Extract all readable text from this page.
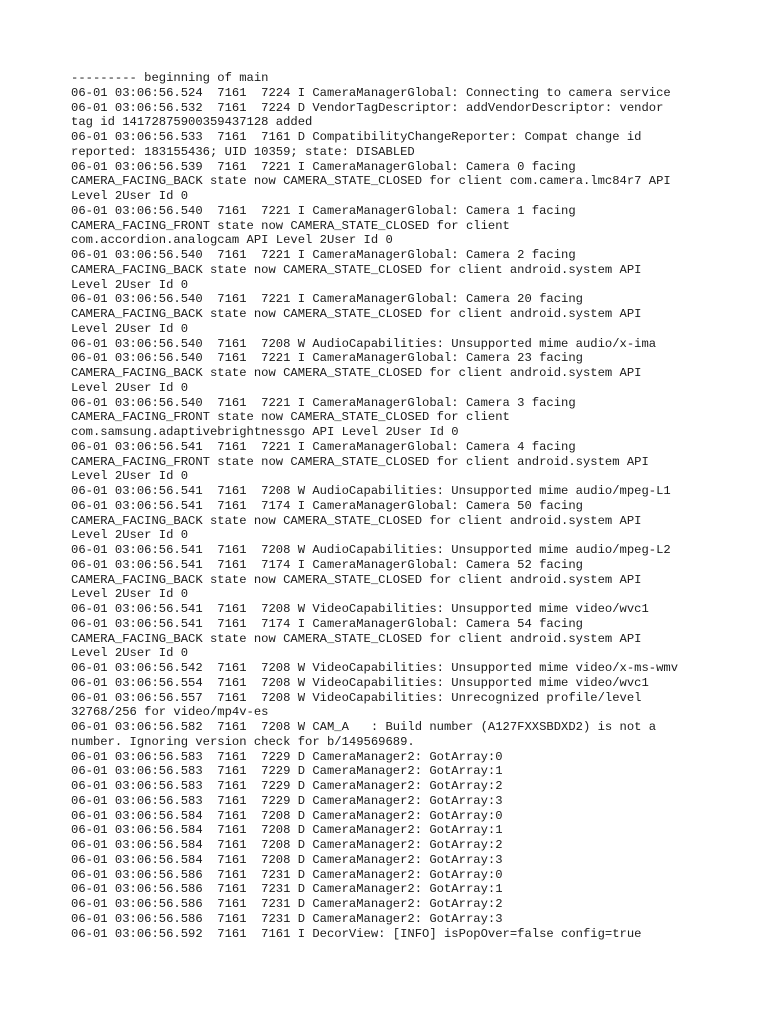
--------- beginning of main
06-01 03:06:56.524  7161  7224 I CameraManagerGlobal: Connecting to camera service
06-01 03:06:56.532  7161  7224 D VendorTagDescriptor: addVendorDescriptor: vendor
tag id 14172875900359437128 added
06-01 03:06:56.533  7161  7161 D CompatibilityChangeReporter: Compat change id
reported: 183155436; UID 10359; state: DISABLED
06-01 03:06:56.539  7161  7221 I CameraManagerGlobal: Camera 0 facing
CAMERA_FACING_BACK state now CAMERA_STATE_CLOSED for client com.camera.lmc84r7 API
Level 2User Id 0
06-01 03:06:56.540  7161  7221 I CameraManagerGlobal: Camera 1 facing
CAMERA_FACING_FRONT state now CAMERA_STATE_CLOSED for client
com.accordion.analogcam API Level 2User Id 0
06-01 03:06:56.540  7161  7221 I CameraManagerGlobal: Camera 2 facing
CAMERA_FACING_BACK state now CAMERA_STATE_CLOSED for client android.system API
Level 2User Id 0
06-01 03:06:56.540  7161  7221 I CameraManagerGlobal: Camera 20 facing
CAMERA_FACING_BACK state now CAMERA_STATE_CLOSED for client android.system API
Level 2User Id 0
06-01 03:06:56.540  7161  7208 W AudioCapabilities: Unsupported mime audio/x-ima
06-01 03:06:56.540  7161  7221 I CameraManagerGlobal: Camera 23 facing
CAMERA_FACING_BACK state now CAMERA_STATE_CLOSED for client android.system API
Level 2User Id 0
06-01 03:06:56.540  7161  7221 I CameraManagerGlobal: Camera 3 facing
CAMERA_FACING_FRONT state now CAMERA_STATE_CLOSED for client
com.samsung.adaptivebrightnessgo API Level 2User Id 0
06-01 03:06:56.541  7161  7221 I CameraManagerGlobal: Camera 4 facing
CAMERA_FACING_FRONT state now CAMERA_STATE_CLOSED for client android.system API
Level 2User Id 0
06-01 03:06:56.541  7161  7208 W AudioCapabilities: Unsupported mime audio/mpeg-L1
06-01 03:06:56.541  7161  7174 I CameraManagerGlobal: Camera 50 facing
CAMERA_FACING_BACK state now CAMERA_STATE_CLOSED for client android.system API
Level 2User Id 0
06-01 03:06:56.541  7161  7208 W AudioCapabilities: Unsupported mime audio/mpeg-L2
06-01 03:06:56.541  7161  7174 I CameraManagerGlobal: Camera 52 facing
CAMERA_FACING_BACK state now CAMERA_STATE_CLOSED for client android.system API
Level 2User Id 0
06-01 03:06:56.541  7161  7208 W VideoCapabilities: Unsupported mime video/wvc1
06-01 03:06:56.541  7161  7174 I CameraManagerGlobal: Camera 54 facing
CAMERA_FACING_BACK state now CAMERA_STATE_CLOSED for client android.system API
Level 2User Id 0
06-01 03:06:56.542  7161  7208 W VideoCapabilities: Unsupported mime video/x-ms-wmv
06-01 03:06:56.554  7161  7208 W VideoCapabilities: Unsupported mime video/wvc1
06-01 03:06:56.557  7161  7208 W VideoCapabilities: Unrecognized profile/level
32768/256 for video/mp4v-es
06-01 03:06:56.582  7161  7208 W CAM_A   : Build number (A127FXXSBDXD2) is not a
number. Ignoring version check for b/149569689.
06-01 03:06:56.583  7161  7229 D CameraManager2: GotArray:0
06-01 03:06:56.583  7161  7229 D CameraManager2: GotArray:1
06-01 03:06:56.583  7161  7229 D CameraManager2: GotArray:2
06-01 03:06:56.583  7161  7229 D CameraManager2: GotArray:3
06-01 03:06:56.584  7161  7208 D CameraManager2: GotArray:0
06-01 03:06:56.584  7161  7208 D CameraManager2: GotArray:1
06-01 03:06:56.584  7161  7208 D CameraManager2: GotArray:2
06-01 03:06:56.584  7161  7208 D CameraManager2: GotArray:3
06-01 03:06:56.586  7161  7231 D CameraManager2: GotArray:0
06-01 03:06:56.586  7161  7231 D CameraManager2: GotArray:1
06-01 03:06:56.586  7161  7231 D CameraManager2: GotArray:2
06-01 03:06:56.586  7161  7231 D CameraManager2: GotArray:3
06-01 03:06:56.592  7161  7161 I DecorView: [INFO] isPopOver=false config=true
